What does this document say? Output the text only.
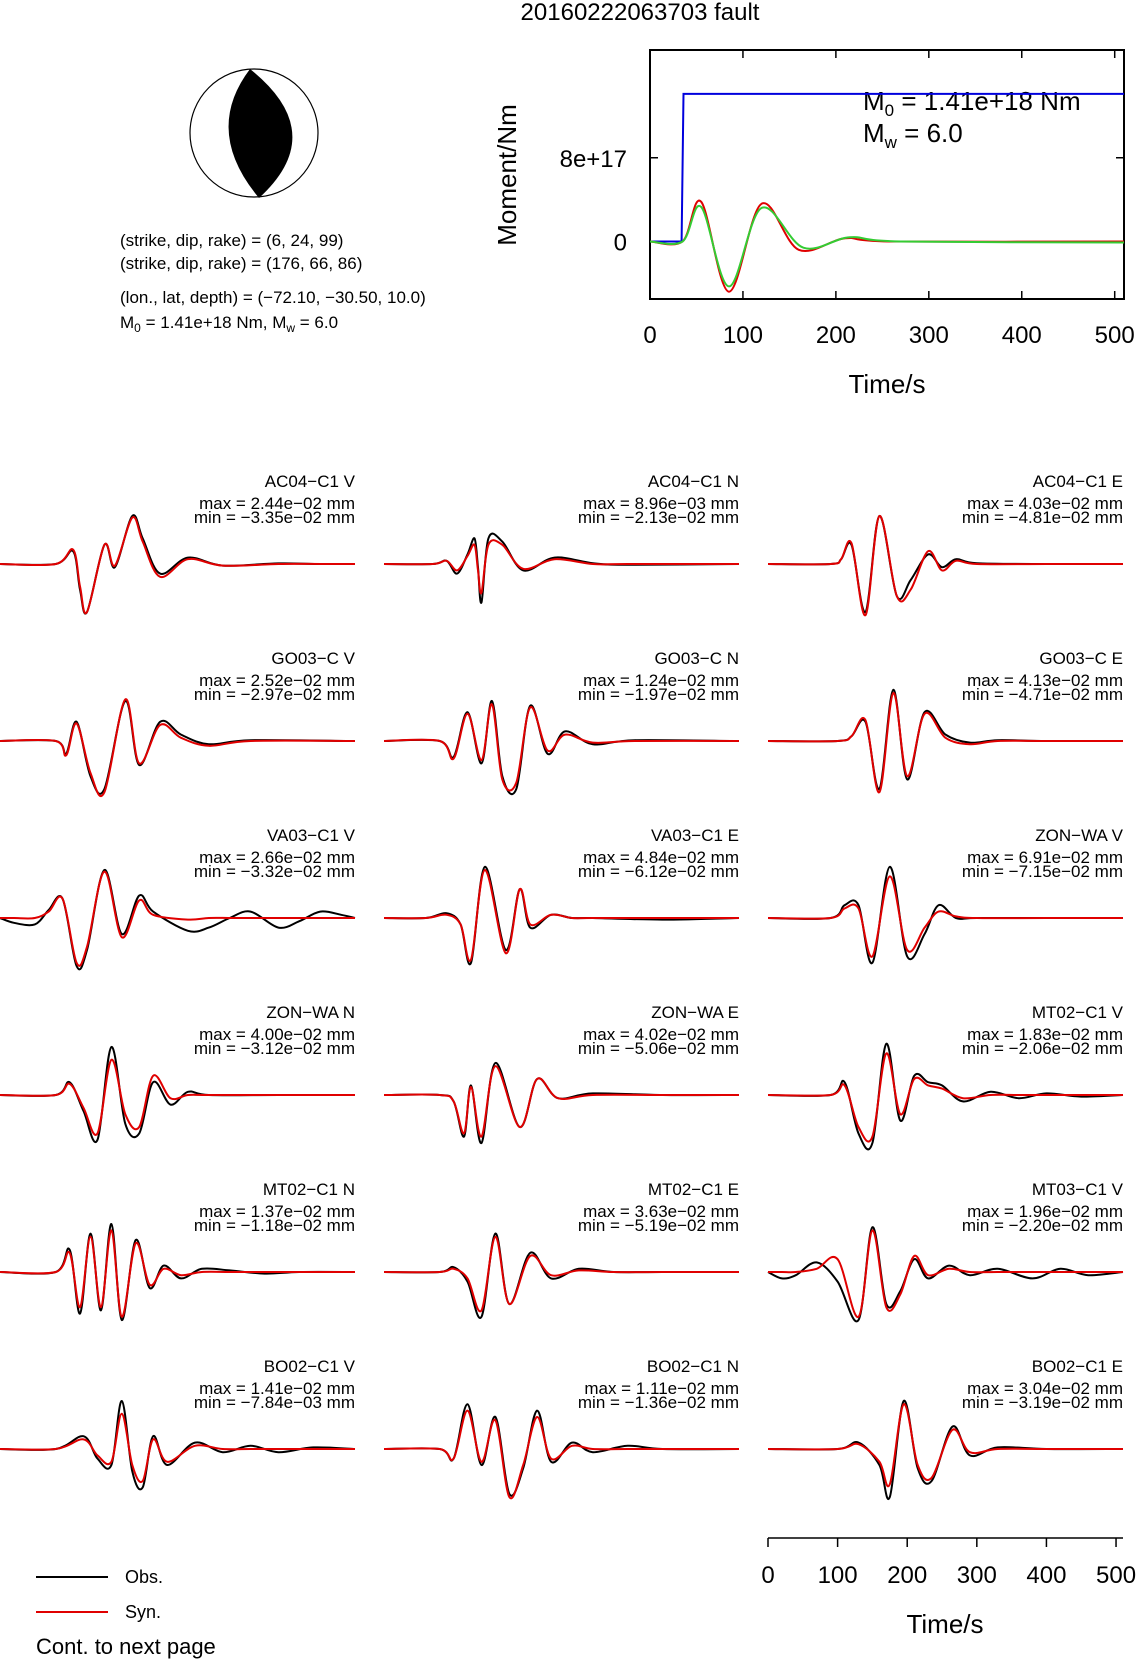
20160222063703 fault
(strike, dip, rake) = (6, 24, 99)
(strike, dip, rake) = (176, 66, 86)
(lon., lat, depth) = (−72.10, −30.50, 10.0)
$M_0 = 1.41e+18$ Nm, $M_w = 6.0$
Moment/Nm
Time/s
$M_0 = 1.41e+18$ Nm
$M_w = 6.0$
0	100 200 300 400 500
0
8e+17
AC04−C1 V
max = 2.44e−02 mm
min = −3.35e−02 mm
AC04−C1 N
max = 8.96e−03 mm
min = −2.13e−02 mm
AC04−C1 E
max = 4.03e−02 mm
min = −4.81e−02 mm
GO03−C V
max = 2.52e−02 mm
min = −2.97e−02 mm
GO03−C N
max = 1.24e−02 mm
min = −1.97e−02 mm
GO03−C E
max = 4.13e−02 mm
min = −4.71e−02 mm
VA03−C1 V
max = 2.66e−02 mm
min = −3.32e−02 mm
VA03−C1 E
max = 4.84e−02 mm
min = −6.12e−02 mm
ZON−WA V
max = 6.91e−02 mm
min = −7.15e−02 mm
ZON−WA N
max = 4.00e−02 mm
min = −3.12e−02 mm
ZON−WA E
max = 4.02e−02 mm
min = −5.06e−02 mm
MT02−C1 V
max = 1.83e−02 mm
min = −2.06e−02 mm
MT02−C1 N
max = 1.37e−02 mm
min = −1.18e−02 mm
MT02−C1 E
max = 3.63e−02 mm
min = −5.19e−02 mm
MT03−C1 V
max = 1.96e−02 mm
min = −2.20e−02 mm
BO02−C1 V
max = 1.41e−02 mm
min = −7.84e−03 mm
BO02−C1 N
max = 1.11e−02 mm
min = −1.36e−02 mm
BO02−C1 E
max = 3.04e−02 mm
min = −3.19e−02 mm
Time/s
0 100 200 300 400 500
Obs.
Syn.
Cont. to next page
